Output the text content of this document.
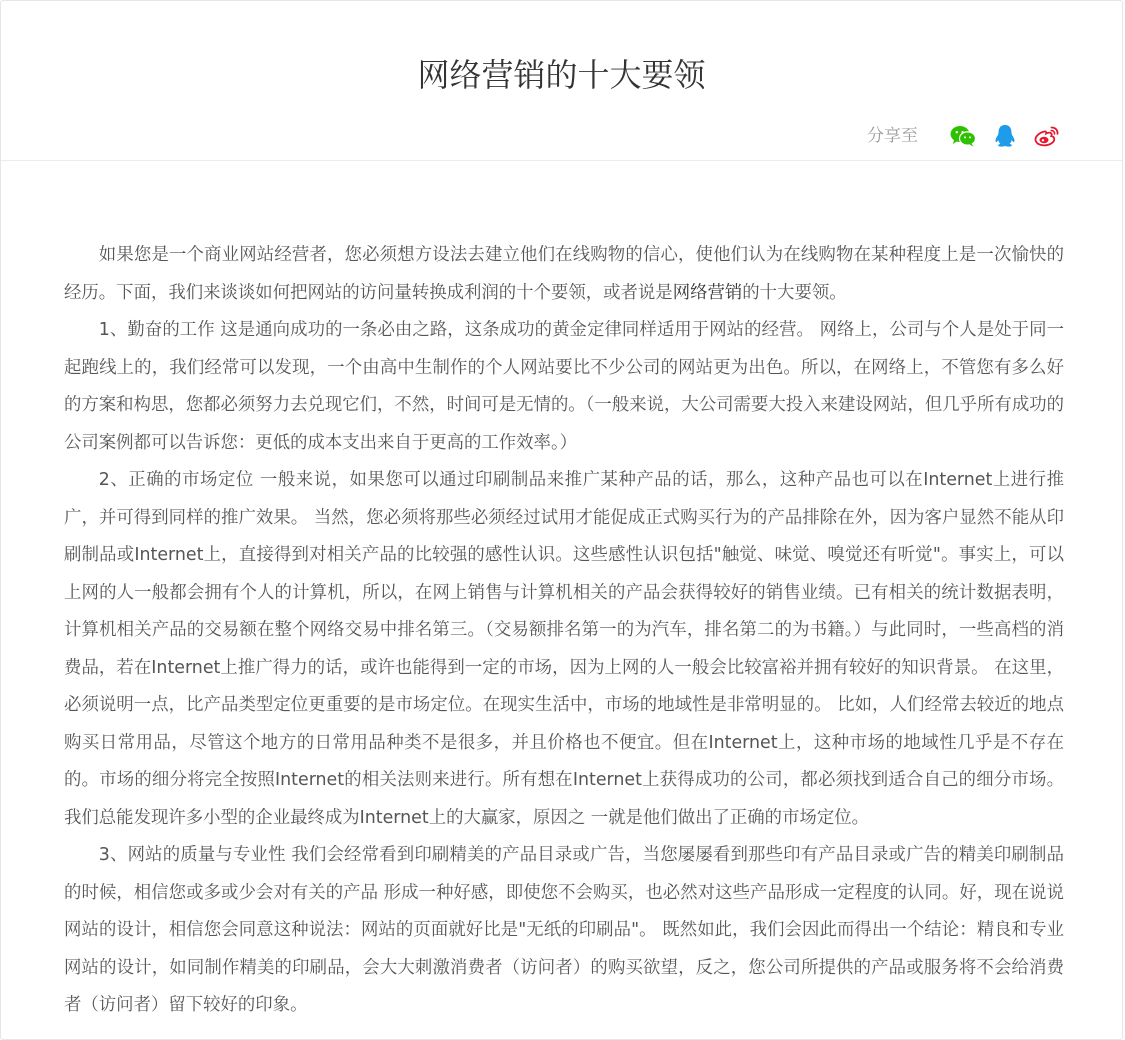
网络营销的十大要领
分享至

如果您是一个商业网站经营者，您必须想方设法去建立他们在线购物的信心，使他们认为在线购物在某种程度上是一次愉快的经历。下面，我们来谈谈如何把网站的访问量转换成利润的十个要领，或者说是网络营销的十大要领。

1、勤奋的工作 这是通向成功的一条必由之路，这条成功的黄金定律同样适用于网站的经营。 网络上，公司与个人是处于同一起跑线上的，我们经常可以发现，一个由高中生制作的个人网站要比不少公司的网站更为出色。所以，在网络上，不管您有多么好的方案和构思，您都必须努力去兑现它们，不然，时间可是无情的。（一般来说，大公司需要大投入来建设网站，但几乎所有成功的公司案例都可以告诉您：更低的成本支出来自于更高的工作效率。）

2、正确的市场定位 一般来说，如果您可以通过印刷制品来推广某种产品的话，那么，这种产品也可以在Internet上进行推广，并可得到同样的推广效果。 当然，您必须将那些必须经过试用才能促成正式购买行为的产品排除在外，因为客户显然不能从印刷制品或Internet上，直接得到对相关产品的比较强的感性认识。这些感性认识包括"触觉、味觉、嗅觉还有听觉"。事实上，可以上网的人一般都会拥有个人的计算机，所以，在网上销售与计算机相关的产品会获得较好的销售业绩。已有相关的统计数据表明，计算机相关产品的交易额在整个网络交易中排名第三。（交易额排名第一的为汽车，排名第二的为书籍。）与此同时，一些高档的消费品，若在Internet上推广得力的话，或许也能得到一定的市场，因为上网的人一般会比较富裕并拥有较好的知识背景。 在这里，必须说明一点，比产品类型定位更重要的是市场定位。在现实生活中，市场的地域性是非常明显的。 比如，人们经常去较近的地点购买日常用品，尽管这个地方的日常用品种类不是很多，并且价格也不便宜。但在Internet上，这种市场的地域性几乎是不存在的。市场的细分将完全按照Internet的相关法则来进行。所有想在Internet上获得成功的公司，都必须找到适合自己的细分市场。我们总能发现许多小型的企业最终成为Internet上的大赢家，原因之 一就是他们做出了正确的市场定位。

3、网站的质量与专业性 我们会经常看到印刷精美的产品目录或广告，当您屡屡看到那些印有产品目录或广告的精美印刷制品的时候，相信您或多或少会对有关的产品 形成一种好感，即使您不会购买，也必然对这些产品形成一定程度的认同。好，现在说说网站的设计，相信您会同意这种说法：网站的页面就好比是"无纸的印刷品"。 既然如此，我们会因此而得出一个结论：精良和专业网站的设计，如同制作精美的印刷品，会大大刺激消费者（访问者）的购买欲望，反之，您公司所提供的产品或服务将不会给消费者（访问者）留下较好的印象。
